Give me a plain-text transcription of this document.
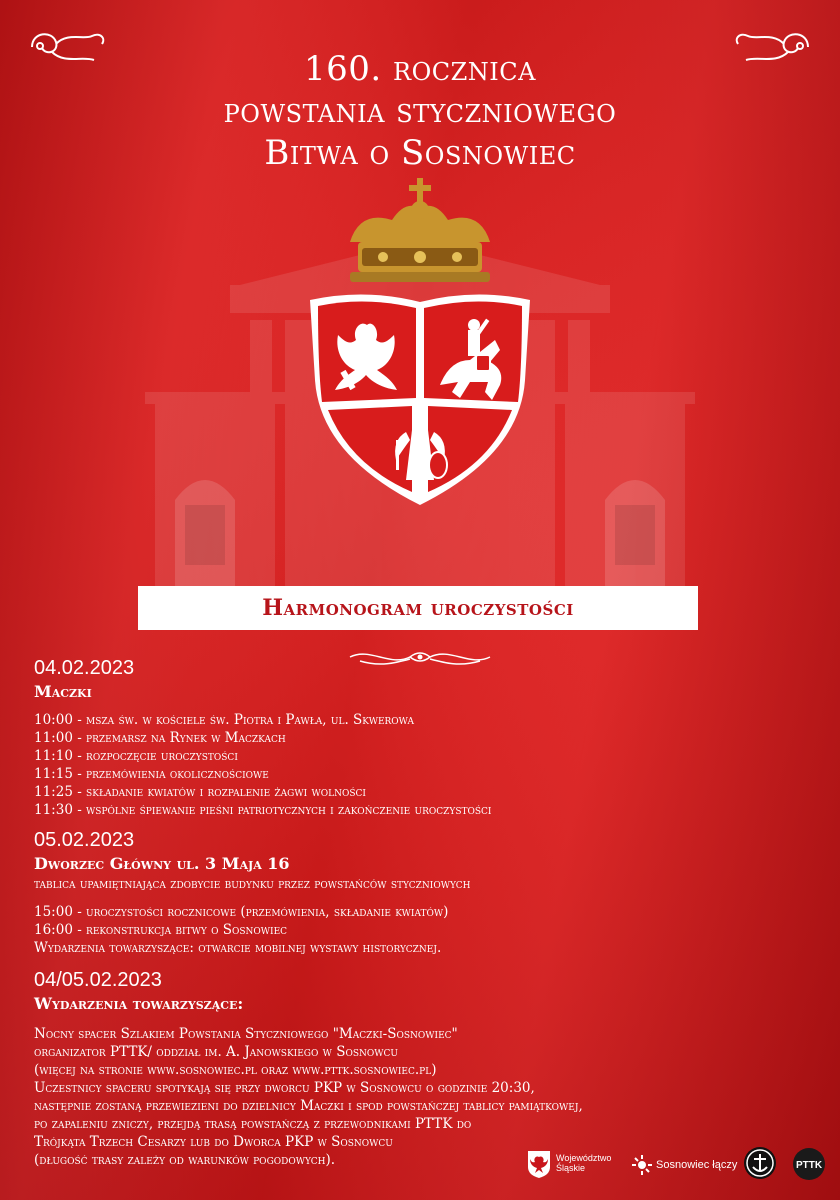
160. rocznica
powstania styczniowego
Bitwa o Sosnowiec
Harmonogram uroczystości
04.02.2023
Maczki
10:00 - msza św. w kościele św. Piotra i Pawła, ul. Skwerowa
11:00 - przemarsz na Rynek w Maczkach
11:10 - rozpoczęcie uroczystości
11:15 - przemówienia okolicznościowe
11:25 - składanie kwiatów i rozpalenie żagwi wolności
11:30 - wspólne śpiewanie pieśni patriotycznych i zakończenie uroczystości
05.02.2023
Dworzec Główny ul. 3 Maja 16
tablica upamiętniająca zdobycie budynku przez powstańców styczniowych
15:00 - uroczystości rocznicowe (przemówienia, składanie kwiatów)
16:00 - rekonstrukcja bitwy o Sosnowiec
Wydarzenia towarzyszące: otwarcie mobilnej wystawy historycznej.
04/05.02.2023
Wydarzenia towarzyszące:
Nocny spacer Szlakiem Powstania Styczniowego "Maczki-Sosnowiec"
organizator PTTK/ oddział im. A. Janowskiego w Sosnowcu
(więcej na stronie www.sosnowiec.pl oraz www.pttk.sosnowiec.pl)
Uczestnicy spaceru spotykają się przy dworcu PKP w Sosnowcu o godzinie 20:30,
następnie zostaną przewiezieni do dzielnicy Maczki i spod powstańczej tablicy pamiątkowej,
po zapaleniu zniczy, przejdą trasą powstańczą z przewodnikami PTTK do
Trójkąta Trzech Cesarzy lub do Dworca PKP w Sosnowcu
(długość trasy zależy od warunków pogodowych).	Województwo
Śląskie	Sosnowiec łączy	PTTK
